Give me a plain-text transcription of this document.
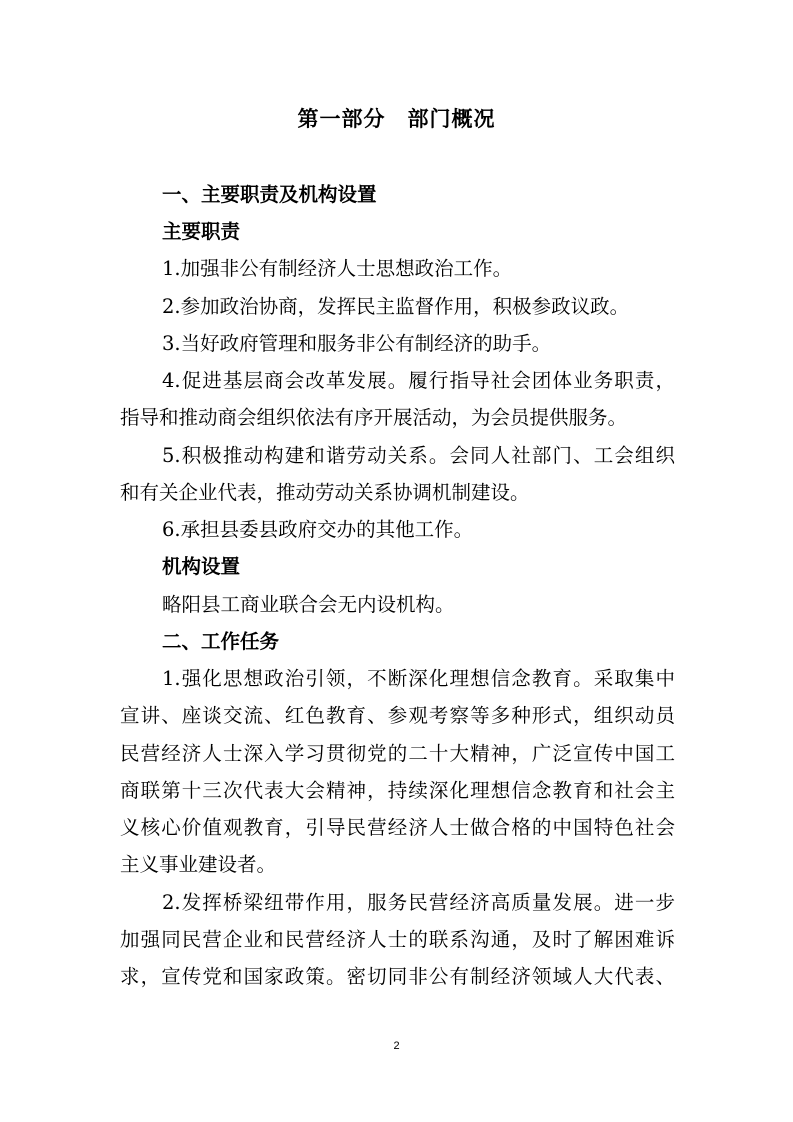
第一部分　部门概况
一、主要职责及机构设置
主要职责
1.加强非公有制经济人士思想政治工作。
2.参加政治协商，发挥民主监督作用，积极参政议政。
3.当好政府管理和服务非公有制经济的助手。
4.促进基层商会改革发展。履行指导社会团体业务职责，
指导和推动商会组织依法有序开展活动，为会员提供服务。
5.积极推动构建和谐劳动关系。会同人社部门、工会组织
和有关企业代表，推动劳动关系协调机制建设。
6.承担县委县政府交办的其他工作。
机构设置
略阳县工商业联合会无内设机构。
二、工作任务
1.强化思想政治引领，不断深化理想信念教育。采取集中
宣讲、座谈交流、红色教育、参观考察等多种形式，组织动员
民营经济人士深入学习贯彻党的二十大精神，广泛宣传中国工
商联第十三次代表大会精神，持续深化理想信念教育和社会主
义核心价值观教育，引导民营经济人士做合格的中国特色社会
主义事业建设者。
2.发挥桥梁纽带作用，服务民营经济高质量发展。进一步
加强同民营企业和民营经济人士的联系沟通，及时了解困难诉
求，宣传党和国家政策。密切同非公有制经济领域人大代表、
2
